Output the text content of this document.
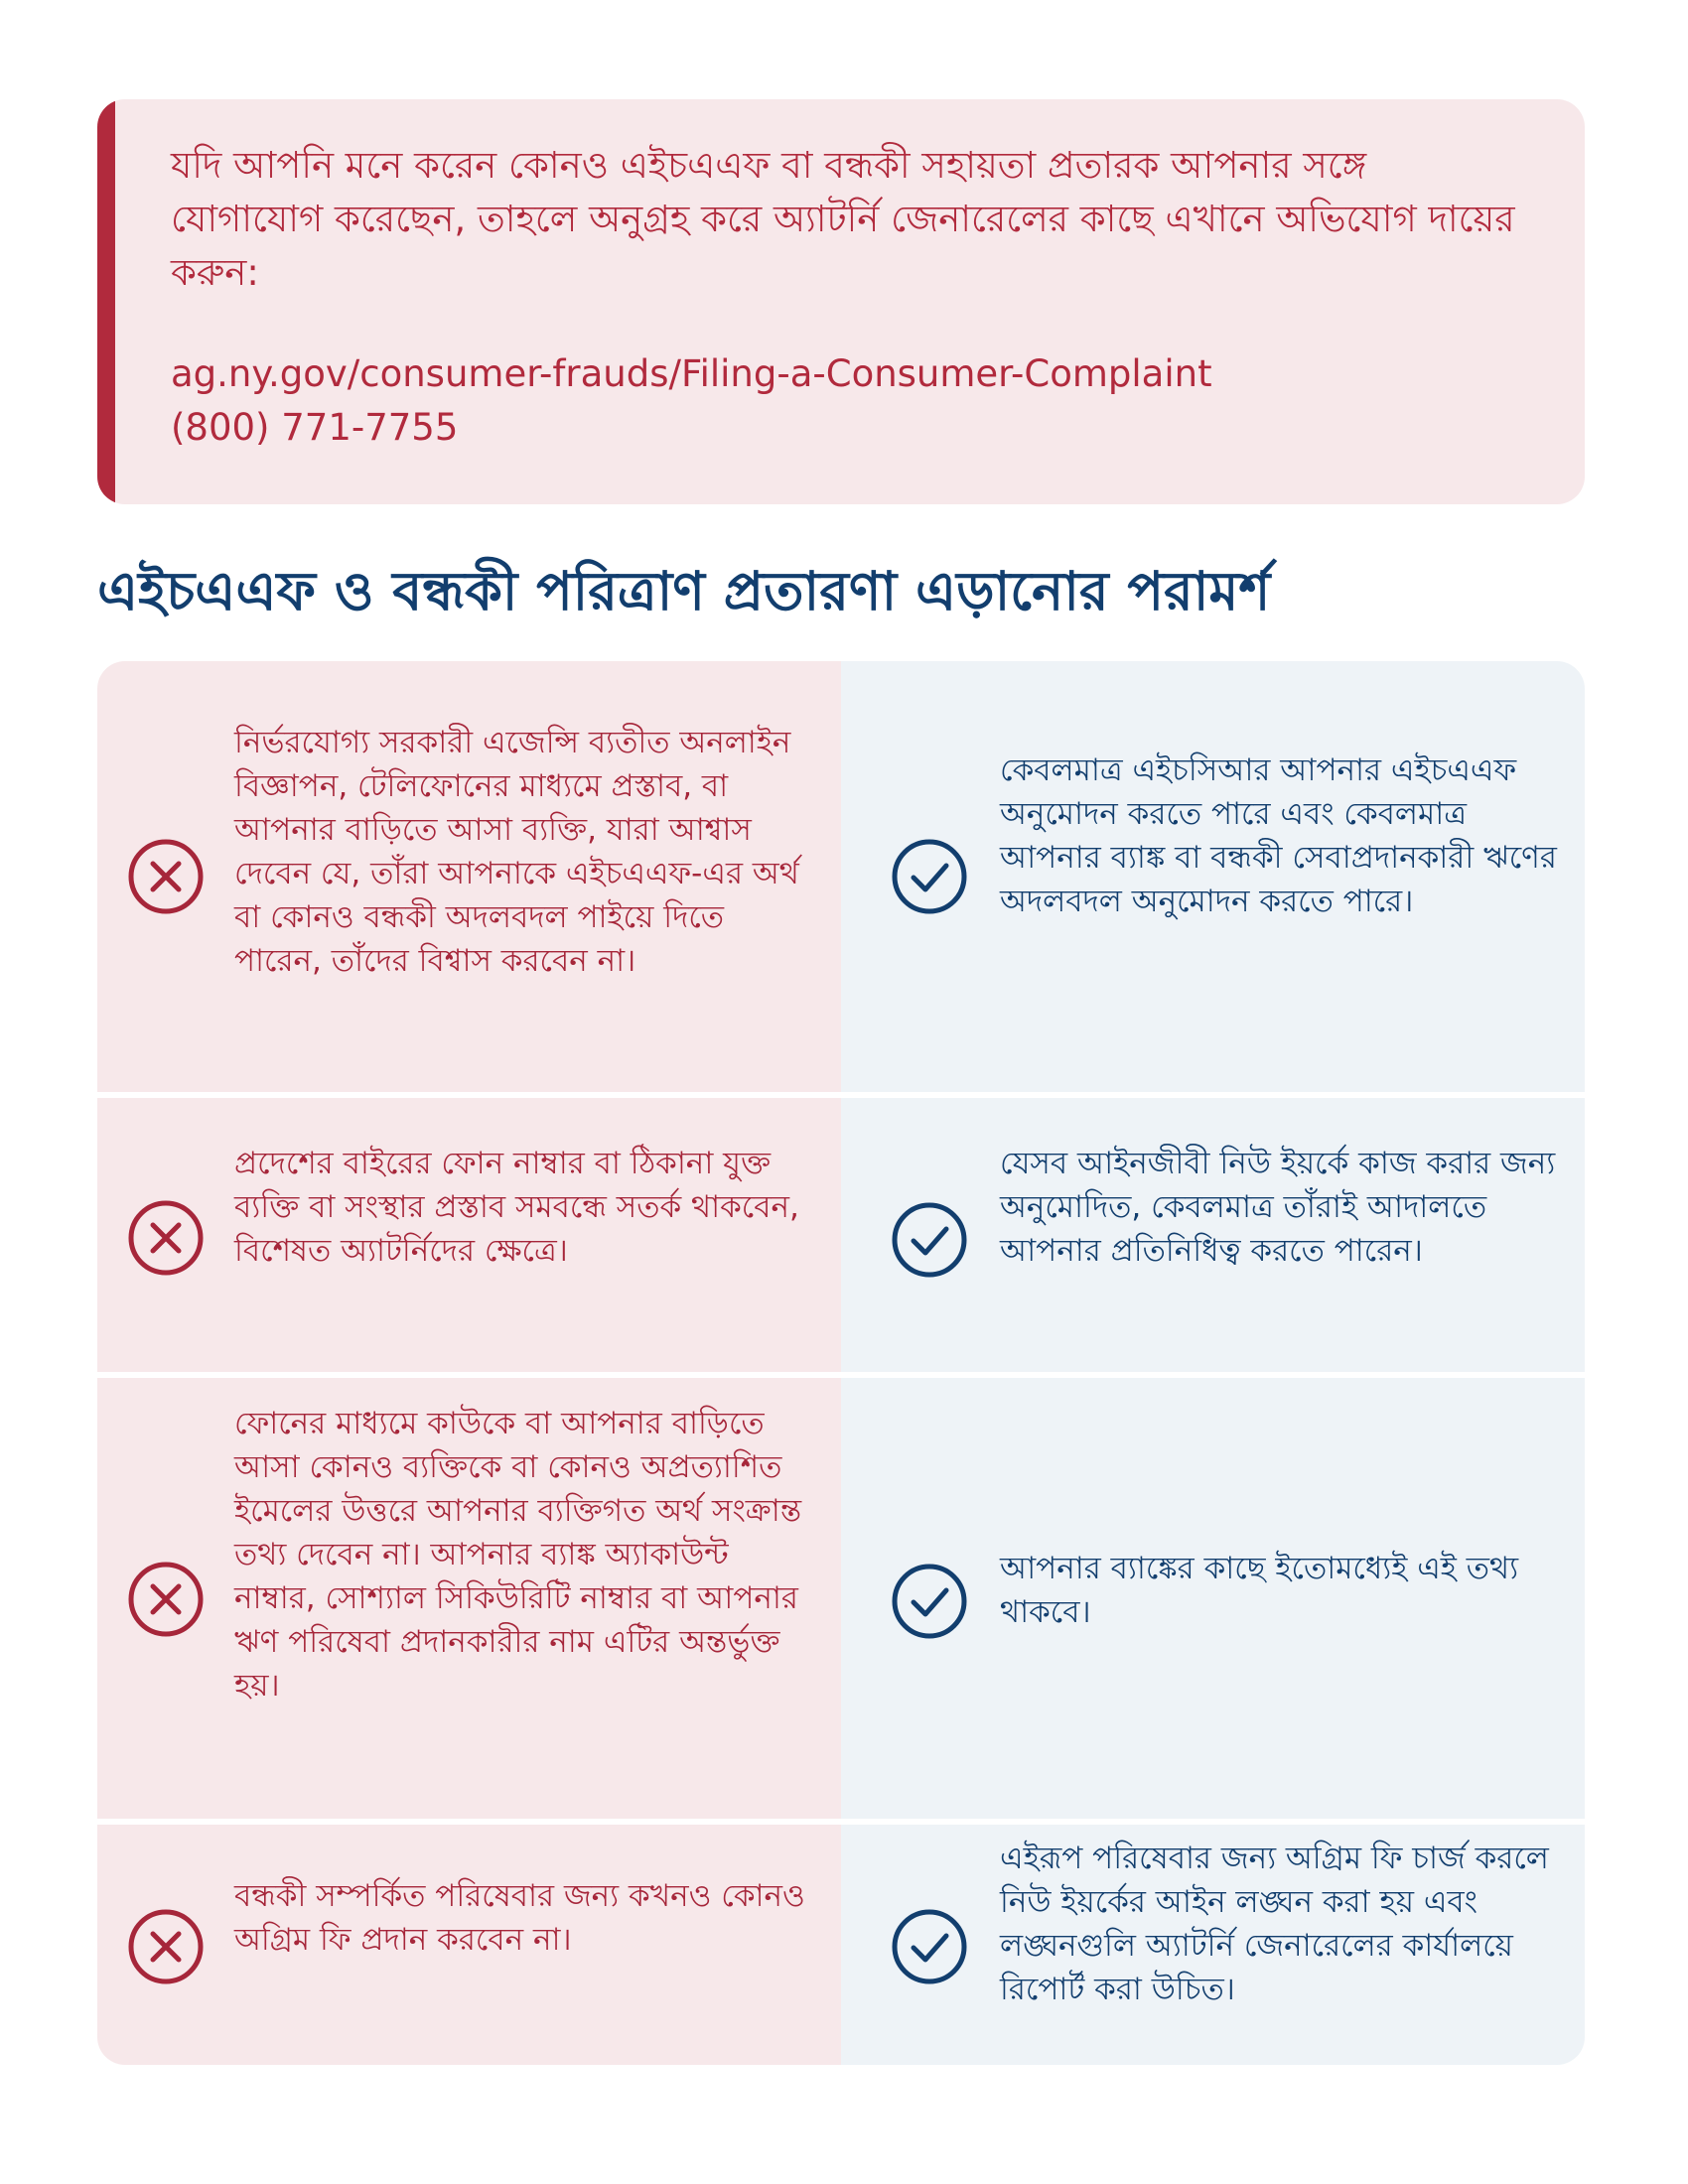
যদি আপনি মনে করেন কোনও এইচএএফ বা বন্ধকী সহায়তা প্রতারক আপনার সঙ্গে যোগাযোগ করেছেন, তাহলে অনুগ্রহ করে অ্যাটর্নি জেনারেলের কাছে এখানে অভিযোগ দায়ের করুন:

ag.ny.gov/consumer-frauds/Filing-a-Consumer-Complaint

(800) 771-7755

এইচএএফ ও বন্ধকী পরিত্রাণ প্রতারণা এড়ানোর পরামর্শ

নির্ভরযোগ্য সরকারী এজেন্সি ব্যতীত অনলাইন বিজ্ঞাপন, টেলিফোনের মাধ্যমে প্রস্তাব, বা আপনার বাড়িতে আসা ব্যক্তি, যারা আশ্বাস দেবেন যে, তাঁরা আপনাকে এইচএএফ-এর অর্থ বা কোনও বন্ধকী অদলবদল পাইয়ে দিতে পারেন, তাঁদের বিশ্বাস করবেন না।

কেবলমাত্র এইচসিআর আপনার এইচএএফ অনুমোদন করতে পারে এবং কেবলমাত্র আপনার ব্যাঙ্ক বা বন্ধকী সেবাপ্রদানকারী ঋণের অদলবদল অনুমোদন করতে পারে।

প্রদেশের বাইরের ফোন নাম্বার বা ঠিকানা যুক্ত ব্যক্তি বা সংস্থার প্রস্তাব সমবন্ধে সতর্ক থাকবেন, বিশেষত অ্যাটর্নিদের ক্ষেত্রে।

যেসব আইনজীবী নিউ ইয়র্কে কাজ করার জন্য অনুমোদিত, কেবলমাত্র তাঁরাই আদালতে আপনার প্রতিনিধিত্ব করতে পারেন।

ফোনের মাধ্যমে কাউকে বা আপনার বাড়িতে আসা কোনও ব্যক্তিকে বা কোনও অপ্রত্যাশিত ইমেলের উত্তরে আপনার ব্যক্তিগত অর্থ সংক্রান্ত তথ্য দেবেন না। আপনার ব্যাঙ্ক অ্যাকাউন্ট নাম্বার, সোশ্যাল সিকিউরিটি নাম্বার বা আপনার ঋণ পরিষেবা প্রদানকারীর নাম এটির অন্তর্ভুক্ত হয়।

আপনার ব্যাঙ্কের কাছে ইতোমধ্যেই এই তথ্য থাকবে।

বন্ধকী সম্পর্কিত পরিষেবার জন্য কখনও কোনও অগ্রিম ফি প্রদান করবেন না।

এইরূপ পরিষেবার জন্য অগ্রিম ফি চার্জ করলে নিউ ইয়র্কের আইন লঙ্ঘন করা হয় এবং লঙ্ঘনগুলি অ্যাটর্নি জেনারেলের কার্যালয়ে রিপোর্ট করা উচিত।
